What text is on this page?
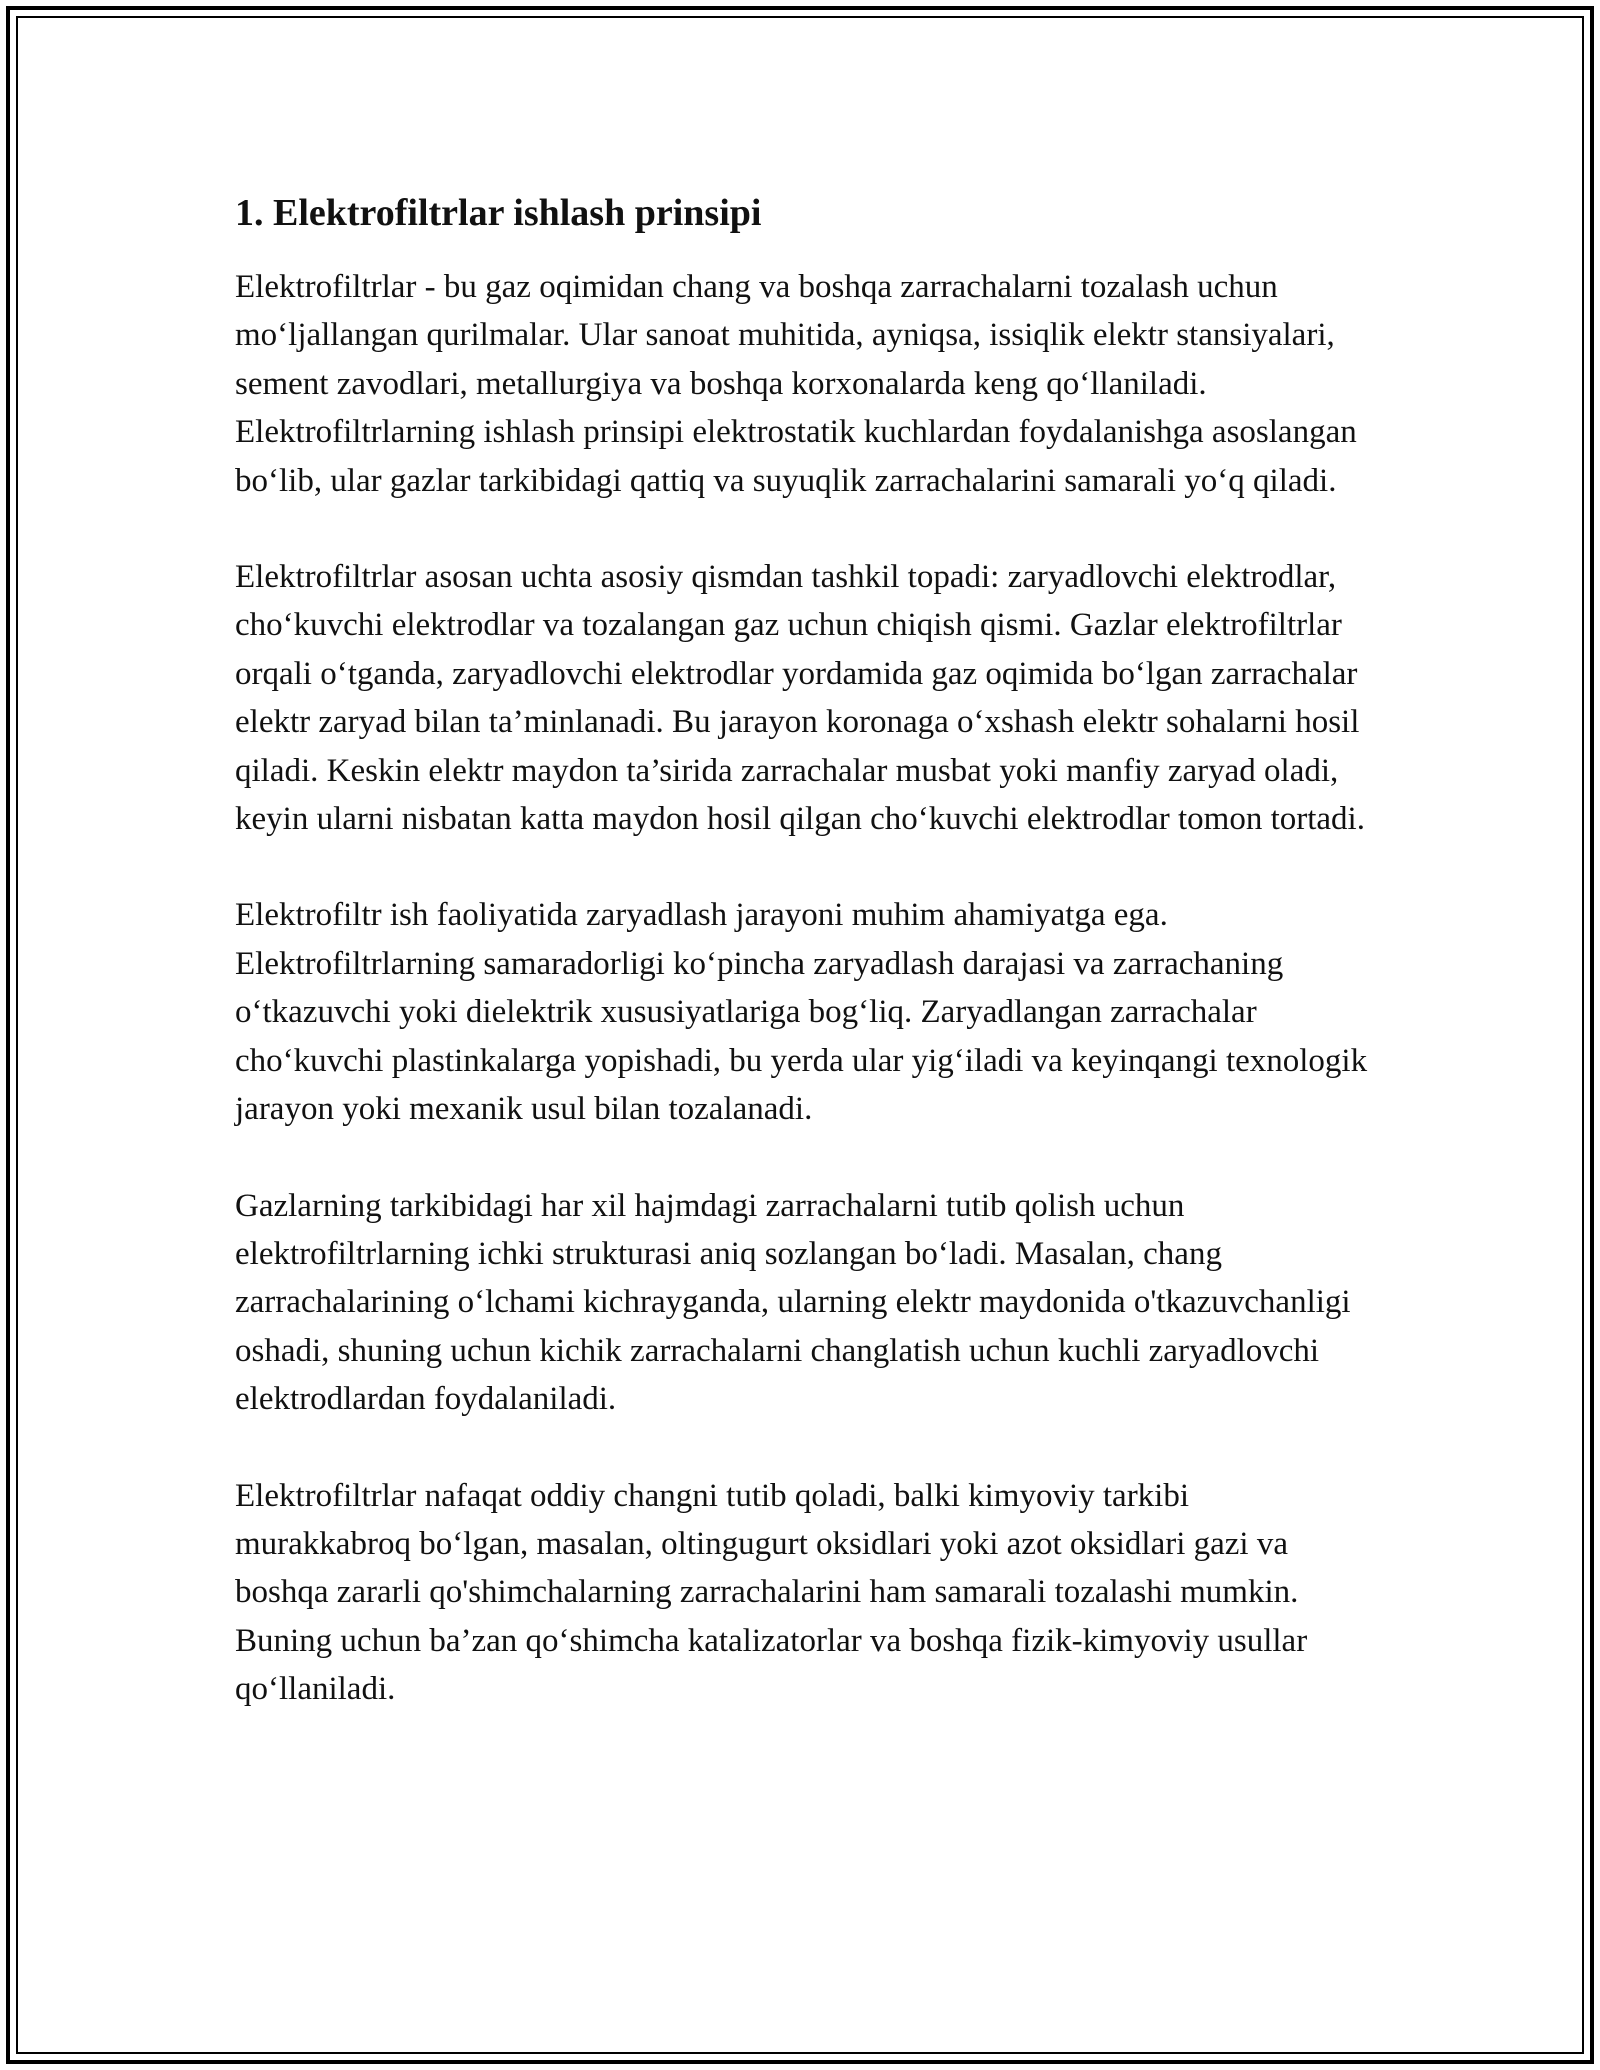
1. Elektrofiltrlar ishlash prinsipi

Elektrofiltrlar - bu gaz oqimidan chang va boshqa zarrachalarni tozalash uchun mo‘ljallangan qurilmalar. Ular sanoat muhitida, ayniqsa, issiqlik elektr stansiyalari, sement zavodlari, metallurgiya va boshqa korxonalarda keng qo‘llaniladi. Elektrofiltrlarning ishlash prinsipi elektrostatik kuchlardan foydalanishga asoslangan bo‘lib, ular gazlar tarkibidagi qattiq va suyuqlik zarrachalarini samarali yo‘q qiladi.

Elektrofiltrlar asosan uchta asosiy qismdan tashkil topadi: zaryadlovchi elektrodlar, cho‘kuvchi elektrodlar va tozalangan gaz uchun chiqish qismi. Gazlar elektrofiltrlar orqali o‘tganda, zaryadlovchi elektrodlar yordamida gaz oqimida bo‘lgan zarrachalar elektr zaryad bilan ta’minlanadi. Bu jarayon koronaga o‘xshash elektr sohalarni hosil qiladi. Keskin elektr maydon ta’sirida zarrachalar musbat yoki manfiy zaryad oladi, keyin ularni nisbatan katta maydon hosil qilgan cho‘kuvchi elektrodlar tomon tortadi.

Elektrofiltr ish faoliyatida zaryadlash jarayoni muhim ahamiyatga ega. Elektrofiltrlarning samaradorligi ko‘pincha zaryadlash darajasi va zarrachaning o‘tkazuvchi yoki dielektrik xususiyatlariga bog‘liq. Zaryadlangan zarrachalar cho‘kuvchi plastinkalarga yopishadi, bu yerda ular yig‘iladi va keyinqangi texnologik jarayon yoki mexanik usul bilan tozalanadi.

Gazlarning tarkibidagi har xil hajmdagi zarrachalarni tutib qolish uchun elektrofiltrlarning ichki strukturasi aniq sozlangan bo‘ladi. Masalan, chang zarrachalarining o‘lchami kichrayganda, ularning elektr maydonida o'tkazuvchanligi oshadi, shuning uchun kichik zarrachalarni changlatish uchun kuchli zaryadlovchi elektrodlardan foydalaniladi.

Elektrofiltrlar nafaqat oddiy changni tutib qoladi, balki kimyoviy tarkibi murakkabroq bo‘lgan, masalan, oltingugurt oksidlari yoki azot oksidlari gazi va boshqa zararli qo'shimchalarning zarrachalarini ham samarali tozalashi mumkin. Buning uchun ba’zan qo‘shimcha katalizatorlar va boshqa fizik-kimyoviy usullar qo‘llaniladi.
